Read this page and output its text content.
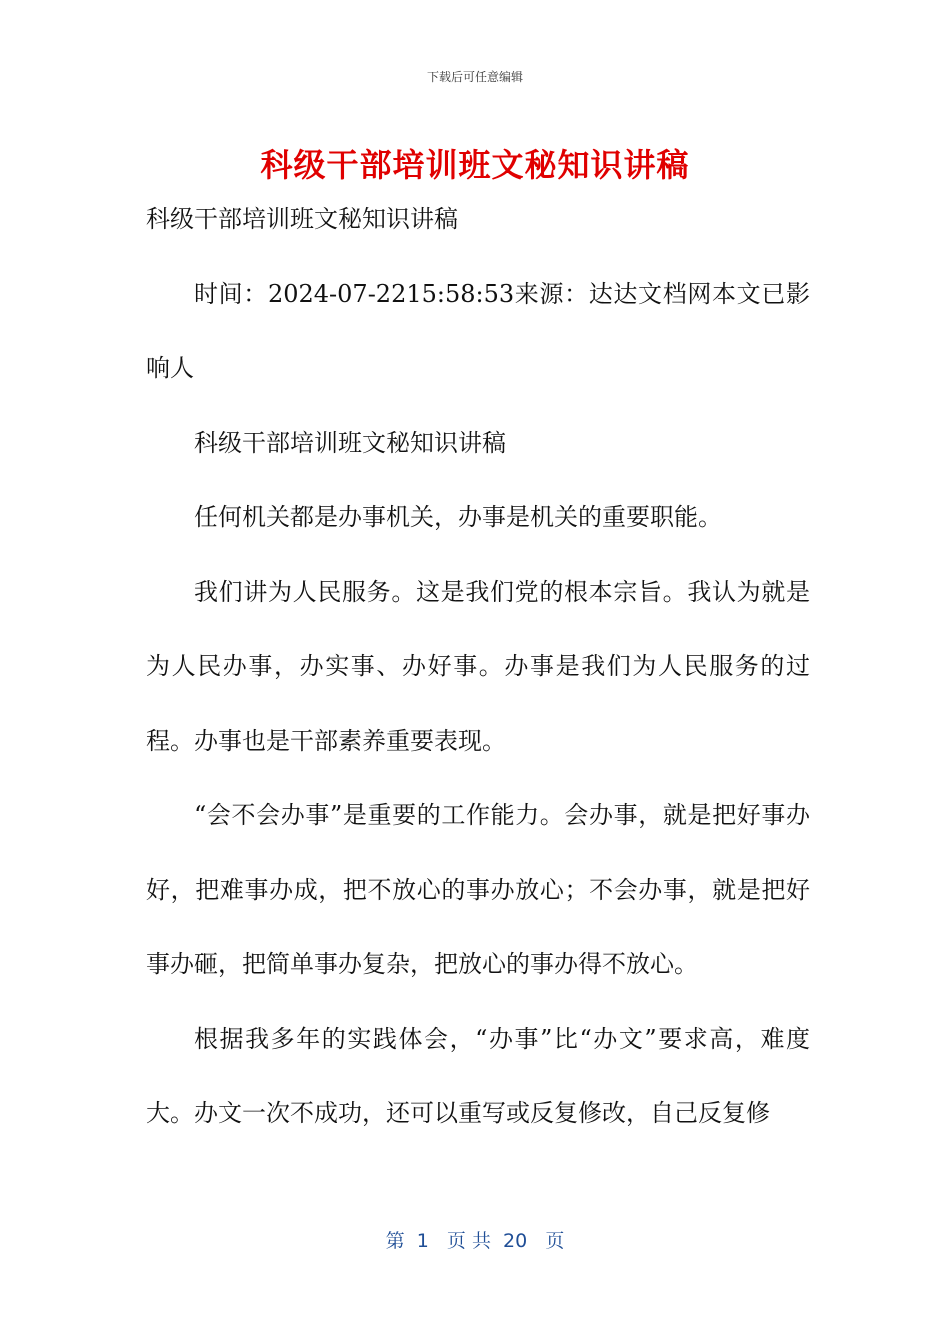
下载后可任意编辑
科级干部培训班文秘知识讲稿

科级干部培训班文秘知识讲稿

时间：2024-07-2215:58:53来源：达达文档网本文已影响人

科级干部培训班文秘知识讲稿

任何机关都是办事机关，办事是机关的重要职能。

我们讲为人民服务。这是我们党的根本宗旨。我认为就是为人民办事，办实事、办好事。办事是我们为人民服务的过程。办事也是干部素养重要表现。

“会不会办事”是重要的工作能力。会办事，就是把好事办好，把难事办成，把不放心的事办放心；不会办事，就是把好事办砸，把简单事办复杂，把放心的事办得不放心。

根据我多年的实践体会，“办事”比“办文”要求高，难度大。办文一次不成功，还可以重写或反复修改，自己反复修

第  1   页 共  20   页
